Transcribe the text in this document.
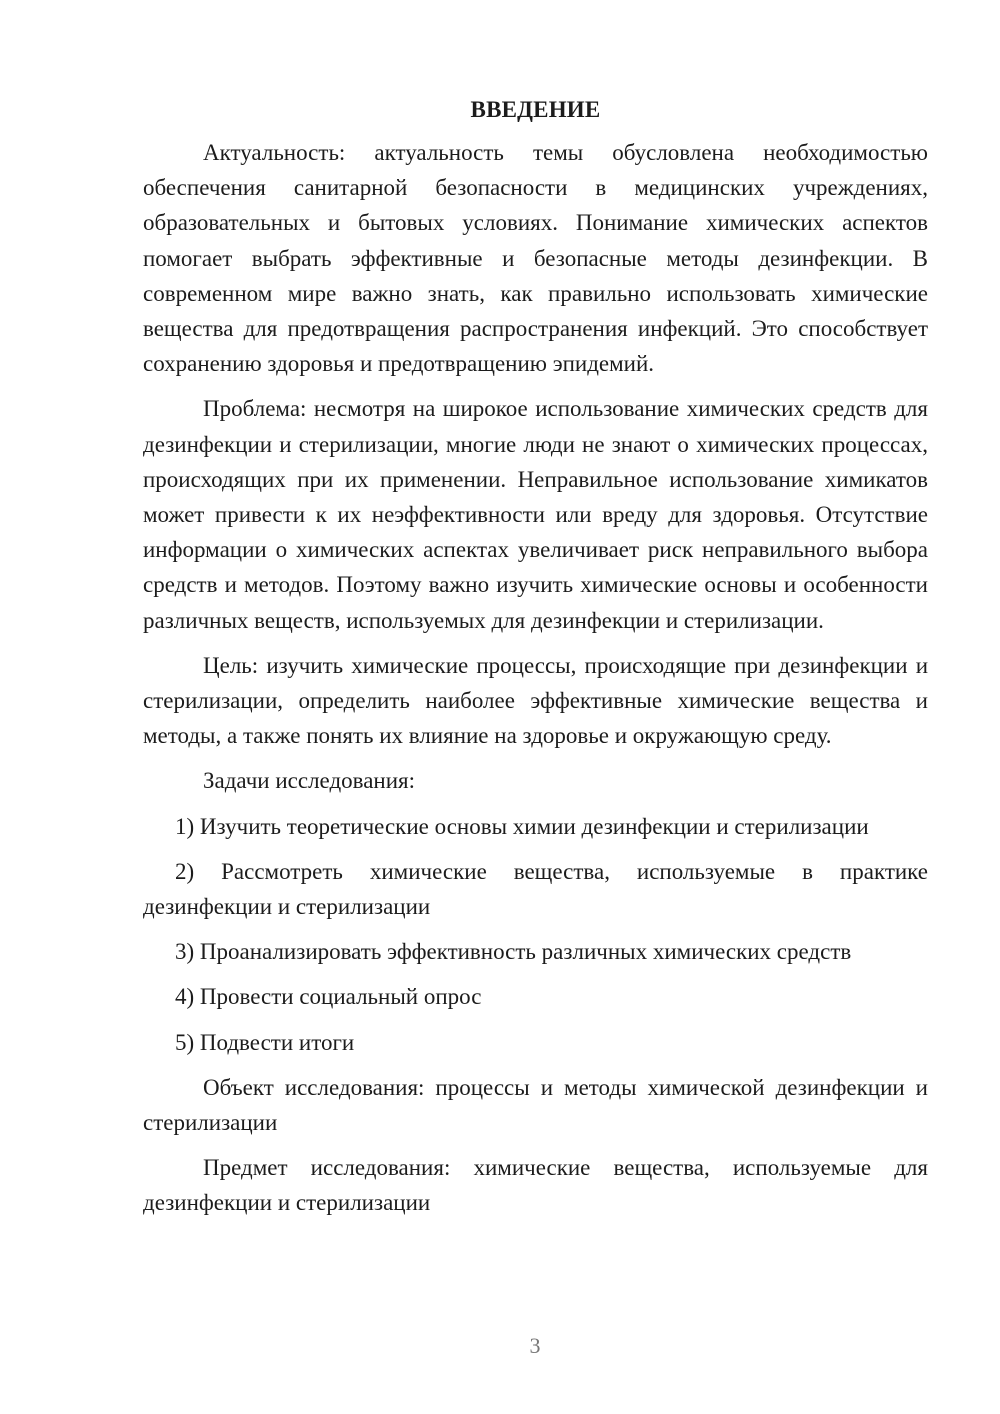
ВВЕДЕНИЕ

Актуальность: актуальность темы обусловлена необходимостью обеспечения санитарной безопасности в медицинских учреждениях, образовательных и бытовых условиях. Понимание химических аспектов помогает выбрать эффективные и безопасные методы дезинфекции. В современном мире важно знать, как правильно использовать химические вещества для предотвращения распространения инфекций. Это способствует сохранению здоровья и предотвращению эпидемий.

Проблема: несмотря на широкое использование химических средств для дезинфекции и стерилизации, многие люди не знают о химических процессах, происходящих при их применении. Неправильное использование химикатов может привести к их неэффективности или вреду для здоровья. Отсутствие информации о химических аспектах увеличивает риск неправильного выбора средств и методов. Поэтому важно изучить химические основы и особенности различных веществ, используемых для дезинфекции и стерилизации.

Цель: изучить химические процессы, происходящие при дезинфекции и стерилизации, определить наиболее эффективные химические вещества и методы, а также понять их влияние на здоровье и окружающую среду.

Задачи исследования:

1) Изучить теоретические основы химии дезинфекции и стерилизации

2) Рассмотреть химические вещества, используемые в практике дезинфекции и стерилизации

3) Проанализировать эффективность различных химических средств

4) Провести социальный опрос

5) Подвести итоги

Объект исследования: процессы и методы химической дезинфекции и стерилизации

Предмет исследования: химические вещества, используемые для дезинфекции и стерилизации

3
